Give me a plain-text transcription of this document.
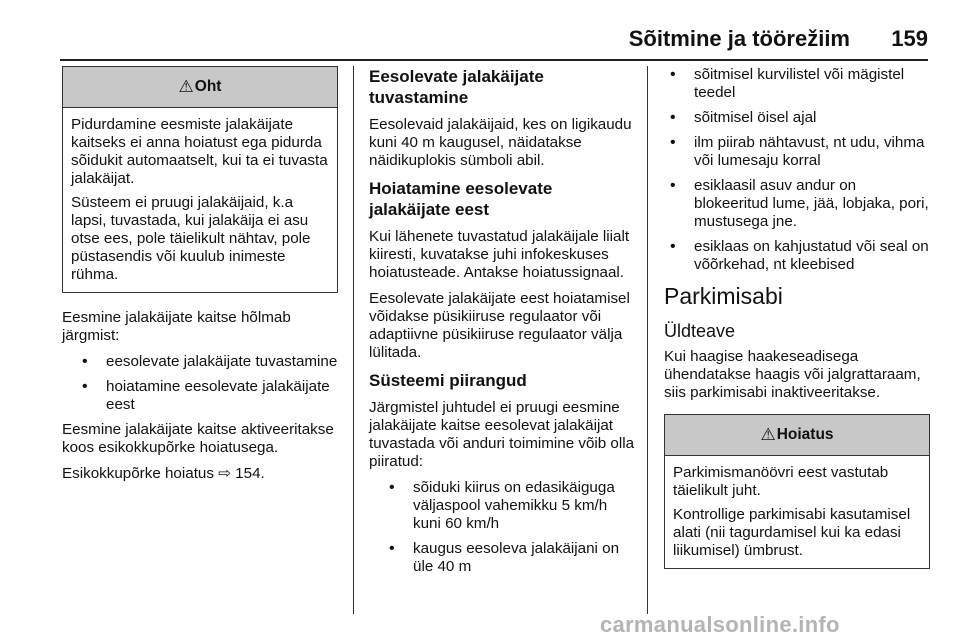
Sõitmine ja töörežiim 159
⚠ Oht

Pidurdamine eesmiste jalakäijate kaitseks ei anna hoiatust ega pidurda sõidukit automaatselt, kui ta ei tuvasta jalakäijat.

Süsteem ei pruugi jalakäijaid, k.a lapsi, tuvastada, kui jalakäija ei asu otse ees, pole täielikult nähtav, pole püstasendis või kuulub inimeste rühma.

Eesmine jalakäijate kaitse hõlmab järgmist:

• eesolevate jalakäijate tuvastamine
• hoiatamine eesolevate jalakäijate eest

Eesmine jalakäijate kaitse aktiveeritakse koos esikokkupõrke hoiatusega.

Esikokkupõrke hoiatus ⇨ 154.

Eesolevate jalakäijate tuvastamine

Eesolevaid jalakäijaid, kes on ligikaudu kuni 40 m kaugusel, näidatakse näidikuplokis sümboli abil.

Hoiatamine eesolevate jalakäijate eest

Kui lähenete tuvastatud jalakäijale liialt kiiresti, kuvatakse juhi infokeskuses hoiatusteade. Antakse hoiatussignaal.

Eesolevate jalakäijate eest hoiatamisel võidakse püsikiiruse regulaator või adaptiivne püsikiiruse regulaator välja lülitada.

Süsteemi piirangud

Järgmistel juhtudel ei pruugi eesmine jalakäijate kaitse eesolevat jalakäijat tuvastada või anduri toimimine võib olla piiratud:

• sõiduki kiirus on edasikäiguga väljaspool vahemikku 5 km/h kuni 60 km/h
• kaugus eesoleva jalakäijani on üle 40 m
• sõitmisel kurvilistel või mägistel teedel
• sõitmisel öisel ajal
• ilm piirab nähtavust, nt udu, vihma või lumesaju korral
• esiklaasil asuv andur on blokeeritud lume, jää, lobjaka, pori, mustusega jne.
• esiklaas on kahjustatud või seal on võõrkehad, nt kleebised
Parkimisabi
Üldteave

Kui haagise haakeseadisega ühendatakse haagis või jalgrattaraam, siis parkimisabi inaktiveeritakse.

⚠ Hoiatus

Parkimismanöövri eest vastutab täielikult juht.

Kontrollige parkimisabi kasutamisel alati (nii tagurdamisel kui ka edasi liikumisel) ümbrust.

carmanualsonline.info
